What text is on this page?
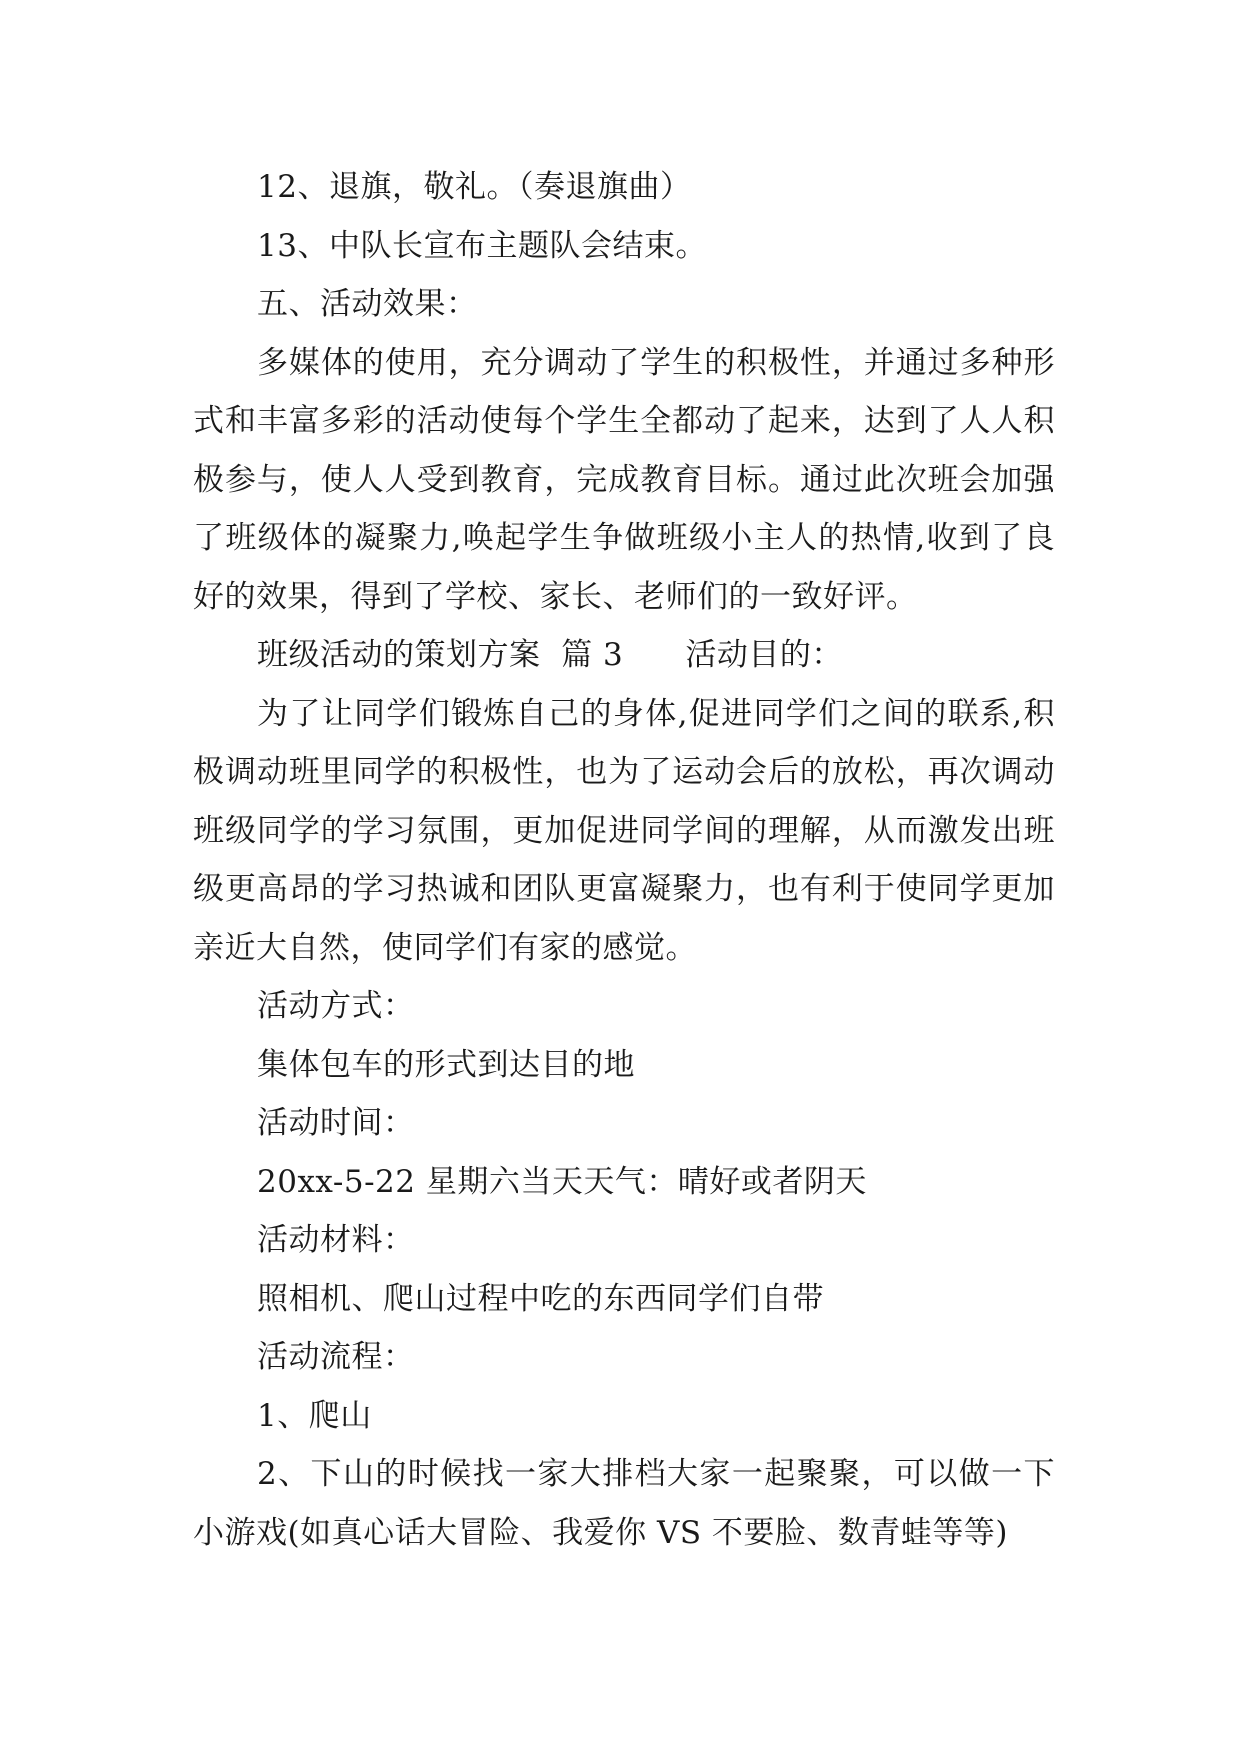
12、退旗，敬礼。（奏退旗曲）

13、中队长宣布主题队会结束。

五、活动效果：

多媒体的使用，充分调动了学生的积极性，并通过多种形式和丰富多彩的活动使每个学生全都动了起来，达到了人人积极参与，使人人受到教育，完成教育目标。通过此次班会加强了班级体的凝聚力,唤起学生争做班级小主人的热情,收到了良好的效果，得到了学校、家长、老师们的一致好评。

班级活动的策划方案  篇 3      活动目的：

为了让同学们锻炼自己的身体,促进同学们之间的联系,积极调动班里同学的积极性，也为了运动会后的放松，再次调动班级同学的学习氛围，更加促进同学间的理解，从而激发出班级更高昂的学习热诚和团队更富凝聚力，也有利于使同学更加亲近大自然，使同学们有家的感觉。

活动方式：

集体包车的形式到达目的地

活动时间：

20xx-5-22 星期六当天天气：晴好或者阴天

活动材料：

照相机、爬山过程中吃的东西同学们自带

活动流程：

1、爬山

2、下山的时候找一家大排档大家一起聚聚，可以做一下小游戏(如真心话大冒险、我爱你 VS 不要脸、数青蛙等等)
